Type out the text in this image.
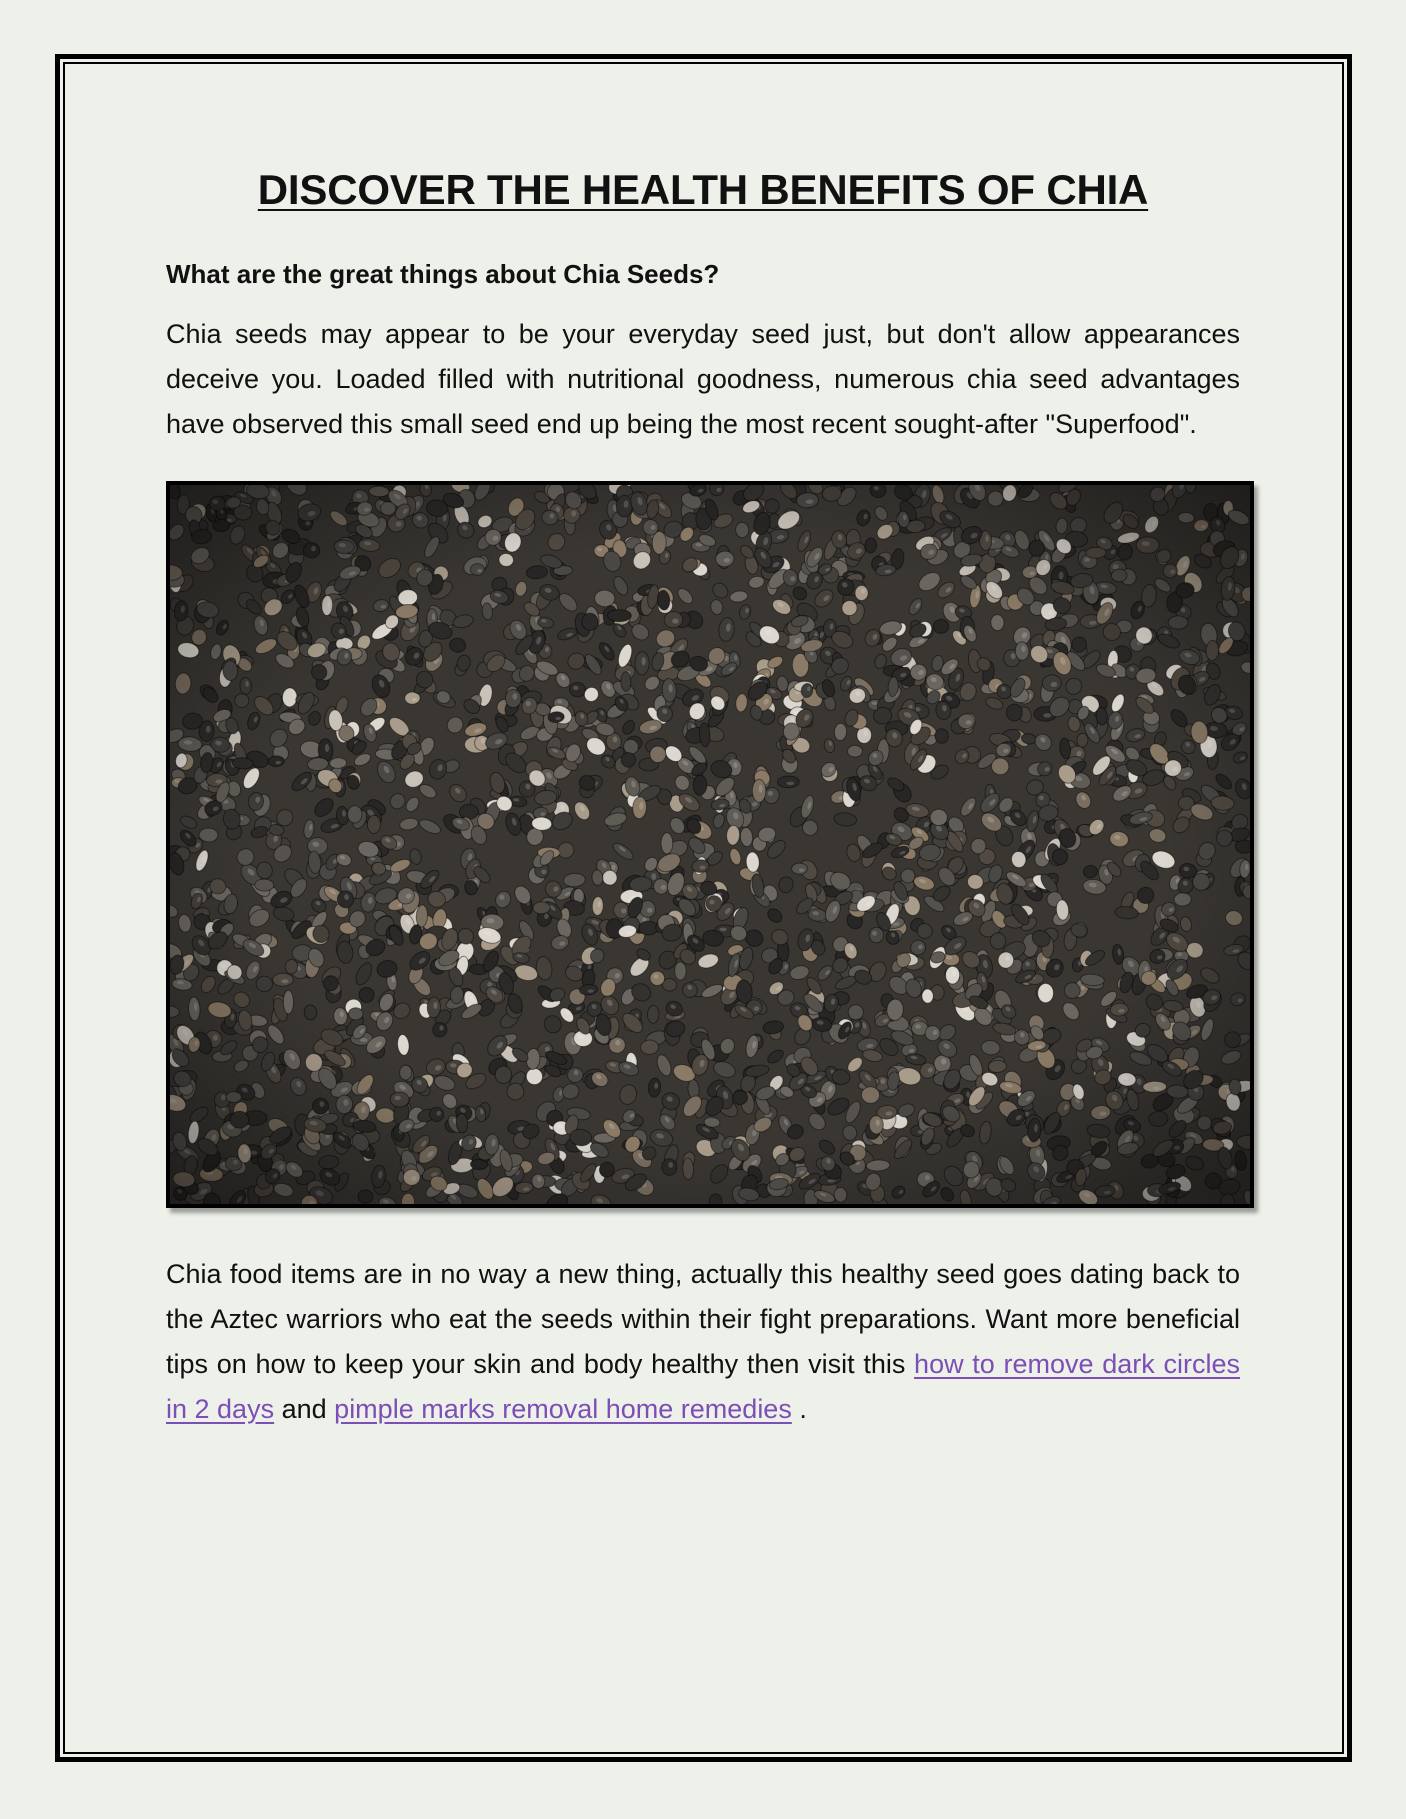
DISCOVER THE HEALTH BENEFITS OF CHIA

What are the great things about Chia Seeds?

Chia seeds may appear to be your everyday seed just, but don't allow appearances deceive you. Loaded filled with nutritional goodness, numerous chia seed advantages have observed this small seed end up being the most recent sought-after "Superfood".

Chia food items are in no way a new thing, actually this healthy seed goes dating back to the Aztec warriors who eat the seeds within their fight preparations. Want more beneficial tips on how to keep your skin and body healthy then visit this how to remove dark circles in 2 days and pimple marks removal home remedies .
